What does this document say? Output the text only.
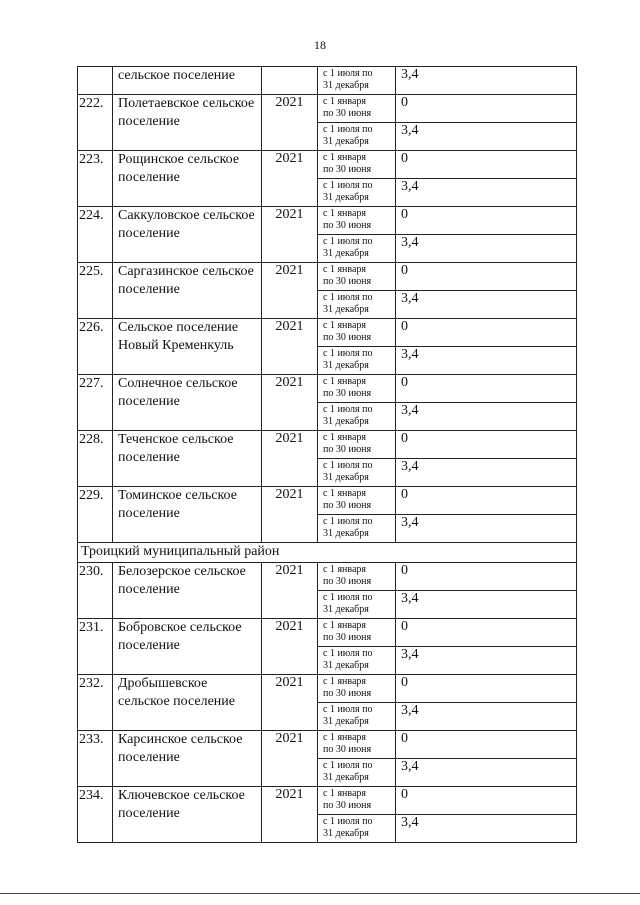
18
	сельское поселение		с 1 июля по
31 декабря	3,4
222.	Полетаевское сельское поселение	2021	с 1 января
по 30 июня	0
			с 1 июля по
31 декабря	3,4
223.	Рощинское сельское поселение	2021	с 1 января
по 30 июня	0
			с 1 июля по
31 декабря	3,4
224.	Саккуловское сельское поселение	2021	с 1 января
по 30 июня	0
			с 1 июля по
31 декабря	3,4
225.	Саргазинское сельское поселение	2021	с 1 января
по 30 июня	0
			с 1 июля по
31 декабря	3,4
226.	Сельское поселение Новый Кременкуль	2021	с 1 января
по 30 июня	0
			с 1 июля по
31 декабря	3,4
227.	Солнечное сельское поселение	2021	с 1 января
по 30 июня	0
			с 1 июля по
31 декабря	3,4
228.	Теченское сельское поселение	2021	с 1 января
по 30 июня	0
			с 1 июля по
31 декабря	3,4
229.	Томинское сельское поселение	2021	с 1 января
по 30 июня	0
			с 1 июля по
31 декабря	3,4
Троицкий муниципальный район				
230.	Белозерское сельское поселение	2021	с 1 января
по 30 июня	0
			с 1 июля по
31 декабря	3,4
231.	Бобровское сельское поселение	2021	с 1 января
по 30 июня	0
			с 1 июля по
31 декабря	3,4
232.	Дробышевское сельское поселение	2021	с 1 января
по 30 июня	0
			с 1 июля по
31 декабря	3,4
233.	Карсинское сельское поселение	2021	с 1 января
по 30 июня	0
			с 1 июля по
31 декабря	3,4
234.	Ключевское сельское поселение	2021	с 1 января
по 30 июня	0
			с 1 июля по
31 декабря	3,4
